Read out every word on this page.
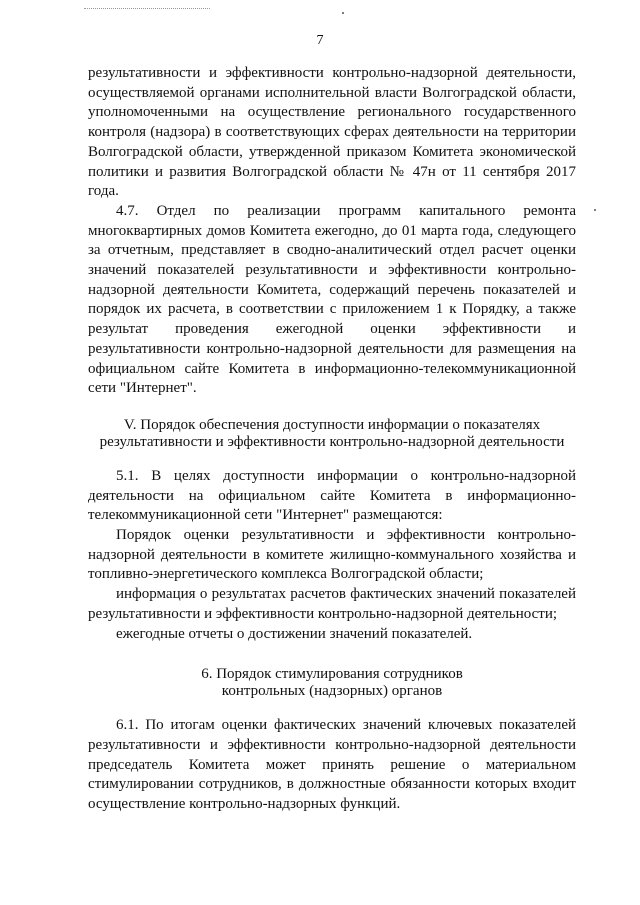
7

результативности и эффективности контрольно-надзорной деятельности, осуществляемой органами исполнительной власти Волгоградской области, уполномоченными на осуществление регионального государственного контроля (надзора) в соответствующих сферах деятельности на территории Волгоградской области, утвержденной приказом Комитета экономической политики и развития Волгоградской области № 47н от 11 сентября 2017 года.

4.7. Отдел по реализации программ капитального ремонта многоквартирных домов Комитета ежегодно, до 01 марта года, следующего за отчетным, представляет в сводно-аналитический отдел расчет оценки значений показателей результативности и эффективности контрольно-надзорной деятельности Комитета, содержащий перечень показателей и порядок их расчета, в соответствии с приложением 1 к Порядку, а также результат проведения ежегодной оценки эффективности и результативности контрольно-надзорной деятельности для размещения на официальном сайте Комитета в информационно-телекоммуникационной сети "Интернет".

V. Порядок обеспечения доступности информации о показателях
результативности и эффективности контрольно-надзорной деятельности

5.1. В целях доступности информации о контрольно-надзорной деятельности на официальном сайте Комитета в информационно-телекоммуникационной сети "Интернет" размещаются:

Порядок оценки результативности и эффективности контрольно-надзорной деятельности в комитете жилищно-коммунального хозяйства и топливно-энергетического комплекса Волгоградской области;

информация о результатах расчетов фактических значений показателей результативности и эффективности контрольно-надзорной деятельности;

ежегодные отчеты о достижении значений показателей.

6. Порядок стимулирования сотрудников
контрольных (надзорных) органов

6.1. По итогам оценки фактических значений ключевых показателей результативности и эффективности контрольно-надзорной деятельности председатель Комитета может принять решение о материальном стимулировании сотрудников, в должностные обязанности которых входит осуществление контрольно-надзорных функций.
